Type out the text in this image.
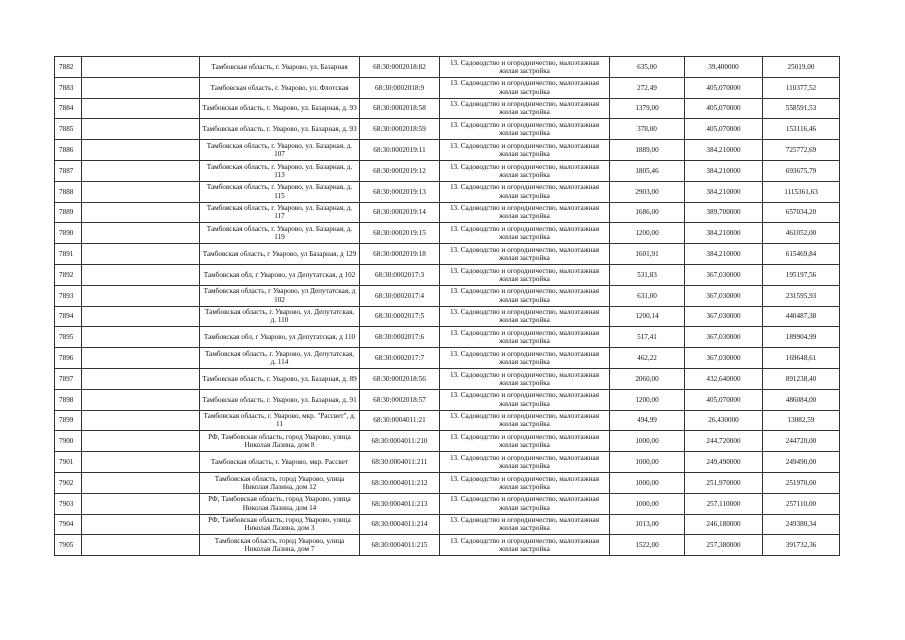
7882		Тамбовская область, г. Уварово, ул. Базарная	68:30:0002018:82	13. Садоводство и огородничество, малоэтажная жилая застройка	635,00	39,400000	25019,00
7883		Тамбовская область, г. Уварово, ул. Флотская	68:30:0002018:9	13. Садоводство и огородничество, малоэтажная жилая застройка	272,49	405,070000	110377,52
7884		Тамбовская область, г. Уварово, ул. Базарная, д. 93	68:30:0002018:58	13. Садоводство и огородничество, малоэтажная жилая застройка	1379,00	405,070000	558591,53
7885		Тамбовская область, г. Уварово, ул. Базарная, д. 93	68:30:0002018:59	13. Садоводство и огородничество, малоэтажная жилая застройка	378,00	405,070000	153116,46
7886		Тамбовская область, г. Уварово, ул. Базарная, д. 107	68:30:0002019:11	13. Садоводство и огородничество, малоэтажная жилая застройка	1889,00	384,210000	725772,69
7887		Тамбовская область, г. Уварово, ул. Базарная, д. 113	68:30:0002019:12	13. Садоводство и огородничество, малоэтажная жилая застройка	1805,46	384,210000	693675,79
7888		Тамбовская область, г. Уварово, ул. Базарная, д. 115	68:30:0002019:13	13. Садоводство и огородничество, малоэтажная жилая застройка	2903,00	384,210000	1115361,63
7889		Тамбовская область, г. Уварово, ул. Базарная, д. 117	68:30:0002019:14	13. Садоводство и огородничество, малоэтажная жилая застройка	1686,00	389,700000	657034,20
7890		Тамбовская область, г. Уварово, ул. Базарная, д. 119	68:30:0002019:15	13. Садоводство и огородничество, малоэтажная жилая застройка	1200,00	384,210000	461052,00
7891		Тамбовская область, г Уварово, ул Базарная, д 129	68:30:0002019:18	13. Садоводство и огородничество, малоэтажная жилая застройка	1601,91	384,210000	615469,84
7892		Тамбовская обл, г Уварово, ул Депутатская, д 102	68:30:0002017:3	13. Садоводство и огородничество, малоэтажная жилая застройка	531,83	367,030000	195197,56
7893		Тамбовская область, г Уварово, ул Депутатская, д 102	68:30:0002017:4	13. Садоводство и огородничество, малоэтажная жилая застройка	631,00	367,030000	231595,93
7894		Тамбовская область, г. Уварово, ул. Депутатская, д. 110	68:30:0002017:5	13. Садоводство и огородничество, малоэтажная жилая застройка	1200,14	367,030000	440487,38
7895		Тамбовская обл, г Уварово, ул Депутатская, д 110	68:30:0002017:6	13. Садоводство и огородничество, малоэтажная жилая застройка	517,41	367,030000	189904,99
7896		Тамбовская область, г. Уварово, ул. Депутатская, д. 114	68:30:0002017:7	13. Садоводство и огородничество, малоэтажная жилая застройка	462,22	367,030000	169648,61
7897		Тамбовская область, г. Уварово, ул. Базарная, д. 89	68:30:0002018:56	13. Садоводство и огородничество, малоэтажная жилая застройка	2060,00	432,640000	891238,40
7898		Тамбовская область, г. Уварово, ул. Базарная, д. 91	68:30:0002018:57	13. Садоводство и огородничество, малоэтажная жилая застройка	1200,00	405,070000	486084,00
7899		Тамбовская область, г. Уварово, мкр. "Рассвет", д. 11	68:30:0004011:21	13. Садоводство и огородничество, малоэтажная жилая застройка	494,99	26,430000	13082,59
7900		РФ, Тамбовская область, город Уварово, улица Николая Лазина, дом 8	68:30:0004011:210	13. Садоводство и огородничество, малоэтажная жилая застройка	1000,00	244,720000	244720,00
7901		Тамбовская область, г. Уварово, мкр. Рассвет	68:30:0004011:211	13. Садоводство и огородничество, малоэтажная жилая застройка	1000,00	249,490000	249490,00
7902		Тамбовская область, город Уварово, улица Николая Лазина, дом 12	68:30:0004011:212	13. Садоводство и огородничество, малоэтажная жилая застройка	1000,00	251,970000	251970,00
7903		РФ, Тамбовская область, город Уварово, улица Николая Лазина, дом 14	68:30:0004011:213	13. Садоводство и огородничество, малоэтажная жилая застройка	1000,00	257,110000	257110,00
7904		РФ, Тамбовская область, город Уварово, улица Николая Лазина, дом 3	68:30:0004011:214	13. Садоводство и огородничество, малоэтажная жилая застройка	1013,00	246,180000	249380,34
7905		Тамбовская область, город Уварово, улица Николая Лазина, дом 7	68:30:0004011:215	13. Садоводство и огородничество, малоэтажная жилая застройка	1522,00	257,380000	391732,36
